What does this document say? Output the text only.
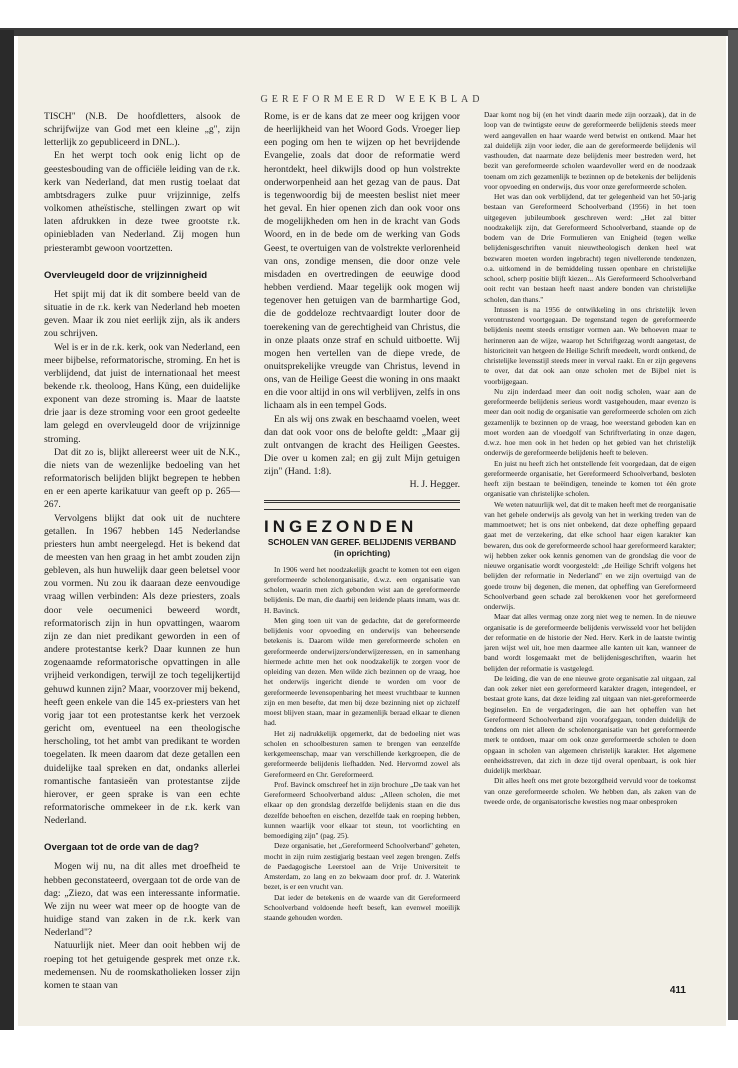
GEREFORMEERD WEEKBLAD

TISCH" (N.B. De hoofdletters, alsook de schrijfwijze van God met een kleine „g", zijn letterlijk zo gepubliceerd in DNL.).

En het werpt toch ook enig licht op de geestesbouding van de officiële leiding van de r.k. kerk van Nederland, dat men rustig toelaat dat ambtsdragers zulke puur vrijzinnige, zelfs volkomen atheïstische, stellingen zwart op wit laten afdrukken in deze twee grootste r.k. opiniebladen van Nederland. Zij mogen hun priesterambt gewoon voortzetten.

Overvleugeld door de vrijzinnigheid

Het spijt mij dat ik dit sombere beeld van de situatie in de r.k. kerk van Nederland heb moeten geven. Maar ik zou niet eerlijk zijn, als ik anders zou schrijven.

Wel is er in de r.k. kerk, ook van Nederland, een meer bijbelse, reformatorische, stroming. En het is verblijdend, dat juist de internationaal het meest bekende r.k. theoloog, Hans Küng, een duidelijke exponent van deze stroming is. Maar de laatste drie jaar is deze stroming voor een groot gedeelte lam gelegd en overvleugeld door de vrijzinnige stroming.

Dat dit zo is, blijkt allereerst weer uit de N.K., die niets van de wezenlijke bedoeling van het reformatorisch belijden blijkt begrepen te hebben en er een aperte karikatuur van geeft op p. 265—267.

Vervolgens blijkt dat ook uit de nuchtere getallen. In 1967 hebben 145 Nederlandse priesters hun ambt neergelegd. Het is bekend dat de meesten van hen graag in het ambt zouden zijn gebleven, als hun huwelijk daar geen beletsel voor zou vormen. Nu zou ik daaraan deze eenvoudige vraag willen verbinden: Als deze priesters, zoals door vele oecumenici beweerd wordt, reformatorisch zijn in hun opvattingen, waarom zijn ze dan niet predikant geworden in een of andere protestantse kerk? Daar kunnen ze hun zogenaamde reformatorische opvattingen in alle vrijheid verkondigen, terwijl ze toch tegelijkertijd gehuwd kunnen zijn? Maar, voorzover mij bekend, heeft geen enkele van die 145 ex-priesters van het vorig jaar tot een protestantse kerk het verzoek gericht om, eventueel na een theologische herscholing, tot het ambt van predikant te worden toegelaten. Ik meen daarom dat deze getallen een duidelijke taal spreken en dat, ondanks allerlei romantische fantasieën van protestantse zijde hierover, er geen sprake is van een echte reformatorische ommekeer in de r.k. kerk van Nederland.

Overgaan tot de orde van de dag?

Mogen wij nu, na dit alles met droefheid te hebben geconstateerd, overgaan tot de orde van de dag: „Ziezo, dat was een interessante informatie. We zijn nu weer wat meer op de hoogte van de huidige stand van zaken in de r.k. kerk van Nederland"?

Natuurlijk niet. Meer dan ooit hebben wij de roeping tot het getuigende gesprek met onze r.k. medemensen. Nu de roomskatholieken losser zijn komen te staan van

Rome, is er de kans dat ze meer oog krijgen voor de heerlijkheid van het Woord Gods. Vroeger liep een poging om hen te wijzen op het bevrijdende Evangelie, zoals dat door de reformatie werd herontdekt, heel dikwijls dood op hun volstrekte onderworpenheid aan het gezag van de paus. Dat is tegenwoordig bij de meesten beslist niet meer het geval. En hier openen zich dan ook voor ons de mogelijkheden om hen in de kracht van Gods Woord, en in de bede om de werking van Gods Geest, te overtuigen van de volstrekte verlorenheid van ons, zondige mensen, die door onze vele misdaden en overtredingen de eeuwige dood hebben verdiend. Maar tegelijk ook mogen wij tegenover hen getuigen van de barmhartige God, die de goddeloze rechtvaardigt louter door de toerekening van de gerechtigheid van Christus, die in onze plaats onze straf en schuld uitboette. Wij mogen hen vertellen van de diepe vrede, de onuitsprekelijke vreugde van Christus, levend in ons, van de Heilige Geest die woning in ons maakt en die voor altijd in ons wil verblijven, zelfs in ons lichaam als in een tempel Gods.

En als wij ons zwak en beschaamd voelen, weet dan dat ook voor ons de belofte geldt: „Maar gij zult ontvangen de kracht des Heiligen Geestes. Die over u komen zal; en gij zult Mijn getuigen zijn" (Hand. 1:8).

H. J. Hegger.

INGEZONDEN
SCHOLEN VAN GEREF. BELIJDENIS VERBAND (in oprichting)

In 1906 werd het noodzakelijk geacht te komen tot een eigen gereformeerde scholenorganisatie, d.w.z. een organisatie van scholen, waarin men zich gebonden wist aan de gereformeerde belijdenis. De man, die daarbij een leidende plaats innam, was dr. H. Bavinck.

Men ging toen uit van de gedachte, dat de gereformeerde belijdenis voor opvoeding en onderwijs van beheersende betekenis is. Daarom wilde men gereformeerde scholen en gereformeerde onderwijzers/onderwijzeressen, en in samenhang hiermede achtte men het ook noodzakelijk te zorgen voor de opleiding van dezen. Men wilde zich bezinnen op de vraag, hoe het onderwijs ingericht diende te worden om voor de gereformeerde levensopenbaring het meest vruchtbaar te kunnen zijn en men besefte, dat men bij deze bezinning niet op zichzelf moest blijven staan, maar in gezamenlijk beraad elkaar te dienen had.

Het zij nadrukkelijk opgemerkt, dat de bedoeling niet was scholen en schoolbesturen samen te brengen van eenzelfde kerkgemeenschap, maar van verschillende kerkgroepen, die de gereformeerde belijdenis liefhadden. Ned. Hervormd zowel als Gereformeerd en Chr. Gereformeerd.

Prof. Bavinck omschreef het in zijn brochure „De taak van het Gereformeerd Schoolverband aldus: „Alleen scholen, die met elkaar op den grondslag derzelfde belijdenis staan en die dus dezelfde behoeften en eischen, dezelfde taak en roeping hebben, kunnen waarlijk voor elkaar tot steun, tot voorlichting en bemoediging zijn" (pag. 25).

Deze organisatie, het „Gereformeerd Schoolverband" geheten, mocht in zijn ruim zestigjarig bestaan veel zegen brengen. Zelfs de Paedagogische Leerstoel aan de Vrije Universiteit te Amsterdam, zo lang en zo bekwaam door prof. dr. J. Waterink bezet, is er een vrucht van.

Dat ieder de betekenis en de waarde van dit Gereformeerd Schoolverband voldoende heeft beseft, kan evenwel moeilijk staande gehouden worden.

Daar komt nog bij (en het vindt daarin mede zijn oorzaak), dat in de loop van de twintigste eeuw de gereformeerde belijdenis steeds meer werd aangevallen en haar waarde werd betwist en ontkend. Maar het zal duidelijk zijn voor ieder, die aan de gereformeerde belijdenis wil vasthouden, dat naarmate deze belijdenis meer bestreden werd, het bezit van gereformeerde scholen waardevoller werd en de noodzaak toenam om zich gezamenlijk te bezinnen op de betekenis der belijdenis voor opvoeding en onderwijs, dus voor onze gereformeerde scholen.

Het was dan ook verblijdend, dat ter gelegenheid van het 50-jarig bestaan van Gereformeerd Schoolverband (1956) in het toen uitgegeven jubileumboek geschreven werd: „Het zal bitter noodzakelijk zijn, dat Gereformeerd Schoolverband, staande op de bodem van de Drie Formulieren van Enigheid (tegen welke belijdenisgeschriften vanuit nieuwtheologisch denken heel wat bezwaren moeten worden ingebracht) tegen nivellerende tendenzen, o.a. uitkomend in de bemiddeling tussen openbare en christelijke school, scherp positie blijft kiezen... Als Gereformeerd Schoolverband ooit recht van bestaan heeft naast andere bonden van christelijke scholen, dan thans."

Intussen is na 1956 de ontwikkeling in ons christelijk leven verontrustend voortgegaan. De tegenstand tegen de gereformeerde belijdenis neemt steeds ernstiger vormen aan. We behoeven maar te herinneren aan de wijze, waarop het Schriftgezag wordt aangetast, de historiciteit van hetgeen de Heilige Schrift meedeelt, wordt ontkend, de christelijke levensstijl steeds meer in verval raakt. En er zijn gegevens te over, dat dat ook aan onze scholen met de Bijbel niet is voorbijgegaan.

Nu zijn inderdaad meer dan ooit nodig scholen, waar aan de gereformeerde belijdenis serieus wordt vastgehouden, maar evenzo is meer dan ooit nodig de organisatie van gereformeerde scholen om zich gezamenlijk te bezinnen op de vraag, hoe weerstand geboden kan en moet worden aan de vloedgolf van Schriftverlating in onze dagen, d.w.z. hoe men ook in het heden op het gebied van het christelijk onderwijs de gereformeerde belijdenis heeft te beleven.

En juist nu heeft zich het ontstellende feit voorgedaan, dat de eigen gereformeerde organisatie, het Gereformeerd Schoolverband, besloten heeft zijn bestaan te beëindigen, teneinde te komen tot één grote organisatie van christelijke scholen.

We weten natuurlijk wel, dat dit te maken heeft met de reorganisatie van het gehele onderwijs als gevolg van het in werking treden van de mammoetwet; het is ons niet onbekend, dat deze opheffing gepaard gaat met de verzekering, dat elke school haar eigen karakter kan bewaren, dus ook de gereformeerde school haar gereformeerd karakter; wij hebben zeker ook kennis genomen van de grondslag die voor de nieuwe organisatie wordt voorgesteld: „de Heilige Schrift volgens het belijden der reformatie in Nederland" en we zijn overtuigd van de goede trouw bij degenen, die menen, dat opheffing van Gereformeerd Schoolverband geen schade zal berokkenen voor het gereformeerd onderwijs.

Maar dat alles vermag onze zorg niet weg te nemen. In de nieuwe organisatie is de gereformeerde belijdenis verwisseld voor het belijden der reformatie en de historie der Ned. Herv. Kerk in de laatste twintig jaren wijst wel uit, hoe men daarmee alle kanten uit kan, wanneer de band wordt losgemaakt met de belijdenisgeschriften, waarin het belijden der reformatie is vastgelegd.

De leiding, die van de ene nieuwe grote organisatie zal uitgaan, zal dan ook zeker niet een gereformeerd karakter dragen, integendeel, er bestaat grote kans, dat deze leiding zal uitgaan van niet-gereformeerde beginselen. En de vergaderingen, die aan het opheffen van het Gereformeerd Schoolverband zijn voorafgegaan, tonden duidelijk de tendens om niet alleen de scholenorganisatie van het gereformeerde merk te ontdoen, maar om ook onze gereformeerde scholen te doen opgaan in scholen van algemeen christelijk karakter. Het algemene eenheidsstreven, dat zich in deze tijd overal openbaart, is ook hier duidelijk merkbaar.

Dit alles heeft ons met grote bezorgdheid vervuld voor de toekomst van onze gereformeerde scholen. We hebben dan, als zaken van de tweede orde, de organisatorische kwesties nog maar onbesproken

411
